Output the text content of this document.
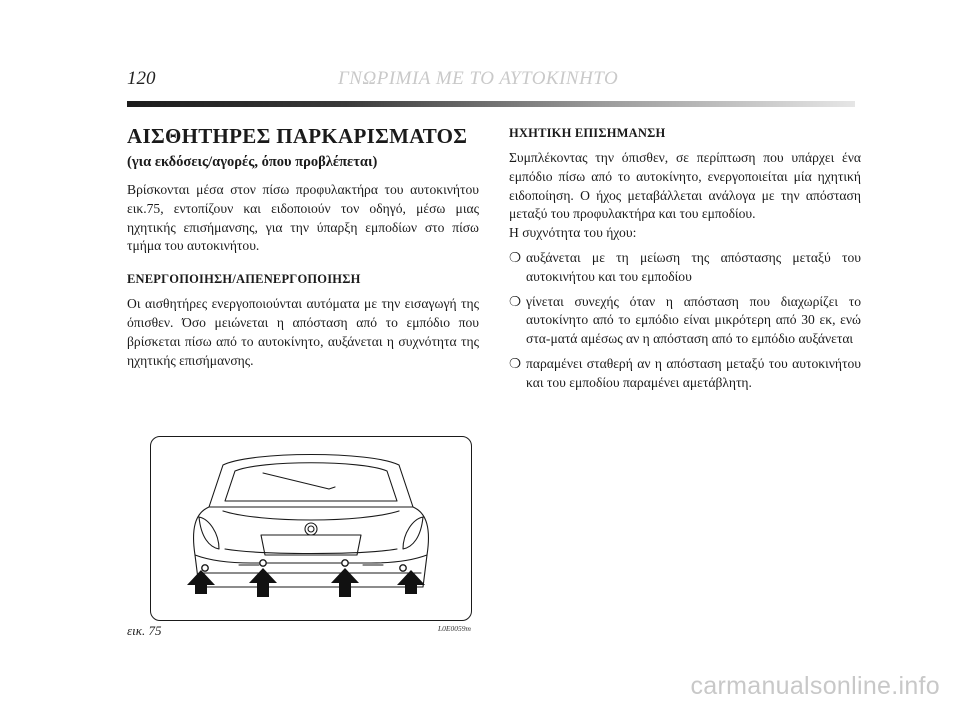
120	ΓΝΩΡΙΜΙΑ ΜΕ ΤΟ ΑΥΤΟΚΙΝΗΤΟ
ΑΙΣΘΗΤΗΡΕΣ ΠΑΡΚΑΡΙΣΜΑΤΟΣ
(για εκδόσεις/αγορές, όπου προβλέπεται)

Βρίσκονται μέσα στον πίσω προφυλακτήρα του αυτοκινήτου εικ.75, εντοπίζουν και ειδοποιούν τον οδηγό, μέσω μιας ηχητικής επισήμανσης, για την ύπαρξη εμποδίων στο πίσω τμήμα του αυτοκινήτου.

ΕΝΕΡΓΟΠΟΙΗΣΗ/ΑΠΕΝΕΡΓΟΠΟΙΗΣΗ

Οι αισθητήρες ενεργοποιούνται αυτόματα με την εισαγωγή της όπισθεν. Όσο μειώνεται η απόσταση από το εμπόδιο που βρίσκεται πίσω από το αυτοκίνητο, αυξάνεται η συχνότητα της ηχητικής επισήμανσης.

ΗΧΗΤΙΚΗ ΕΠΙΣΗΜΑΝΣΗ

Συμπλέκοντας την όπισθεν, σε περίπτωση που υπάρχει ένα εμπόδιο πίσω από το αυτοκίνητο, ενεργοποιείται μία ηχητική ειδοποίηση. Ο ήχος μεταβάλλεται ανάλογα με την απόσταση μεταξύ του προφυλακτήρα και του εμποδίου.

Η συχνότητα του ήχου:

❍ αυξάνεται με τη μείωση της απόστασης μεταξύ του αυτοκινήτου και του εμποδίου
❍ γίνεται συνεχής όταν η απόσταση που διαχωρίζει το αυτοκίνητο από το εμπόδιο είναι μικρότερη από 30 εκ, ενώ στα-ματά αμέσως αν η απόσταση από το εμπόδιο αυξάνεται
❍ παραμένει σταθερή αν η απόσταση μεταξύ του αυτοκινήτου και του εμποδίου παραμένει αμετάβλητη.
εικ. 75	L0E0059m
carmanualsonline.info
